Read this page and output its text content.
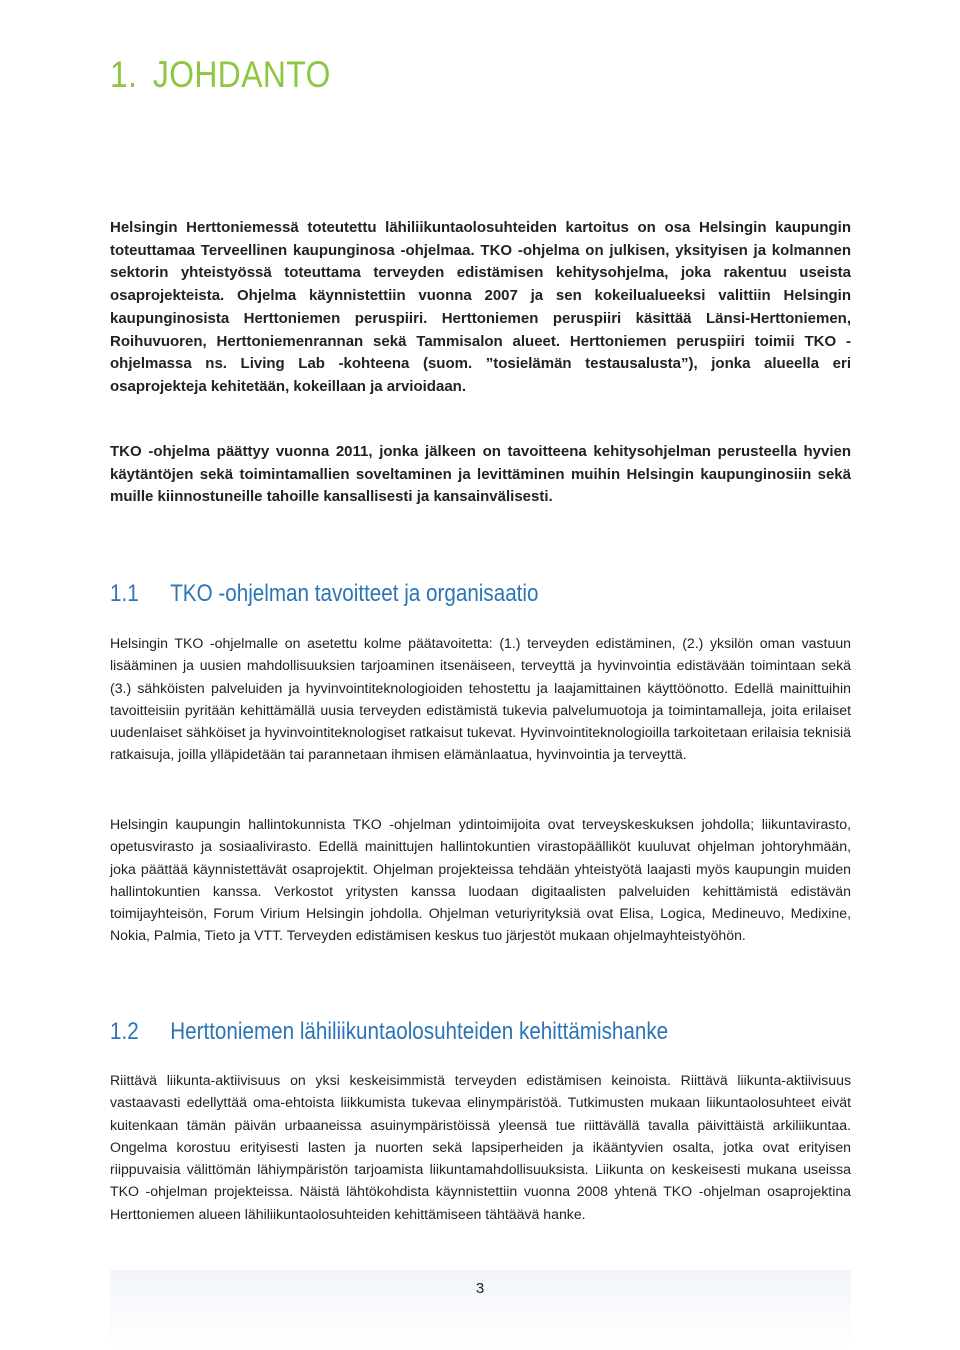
1. JOHDANTO

Helsingin Herttoniemessä toteutettu lähiliikuntaolosuhteiden kartoitus on osa Helsingin kaupungin toteuttamaa Terveellinen kaupunginosa -ohjelmaa. TKO -ohjelma on julkisen, yksityisen ja kolmannen sektorin yhteistyössä toteuttama terveyden edistämisen kehitysohjelma, joka rakentuu useista osaprojekteista. Ohjelma käynnistettiin vuonna 2007 ja sen kokeilualueeksi valittiin Helsingin kaupunginosista Herttoniemen peruspiiri. Herttoniemen peruspiiri käsittää Länsi-Herttoniemen, Roihuvuoren, Herttoniemenrannan sekä Tammisalon alueet. Herttoniemen peruspiiri toimii TKO -ohjelmassa ns. Living Lab -kohteena (suom. ”tosielämän testausalusta”), jonka alueella eri osaprojekteja kehitetään, kokeillaan ja arvioidaan.

TKO -ohjelma päättyy vuonna 2011, jonka jälkeen on tavoitteena kehitysohjelman perusteella hyvien käytäntöjen sekä toimintamallien soveltaminen ja levittäminen muihin Helsingin kaupunginosiin sekä muille kiinnostuneille tahoille kansallisesti ja kansainvälisesti.

1.1 TKO -ohjelman tavoitteet ja organisaatio

Helsingin TKO -ohjelmalle on asetettu kolme päätavoitetta: (1.) terveyden edistäminen, (2.) yksilön oman vastuun lisääminen ja uusien mahdollisuuksien tarjoaminen itsenäiseen, terveyttä ja hyvinvointia edistävään toimintaan sekä (3.) sähköisten palveluiden ja hyvinvointiteknologioiden tehostettu ja laajamittainen käyttöönotto. Edellä mainittuihin tavoitteisiin pyritään kehittämällä uusia terveyden edistämistä tukevia palvelumuotoja ja toimintamalleja, joita erilaiset uudenlaiset sähköiset ja hyvinvointiteknologiset ratkaisut tukevat. Hyvinvointiteknologioilla tarkoitetaan erilaisia teknisiä ratkaisuja, joilla ylläpidetään tai parannetaan ihmisen elämänlaatua, hyvinvointia ja terveyttä.

Helsingin kaupungin hallintokunnista TKO -ohjelman ydintoimijoita ovat terveyskeskuksen johdolla; liikuntavirasto, opetusvirasto ja sosiaalivirasto. Edellä mainittujen hallintokuntien virastopäälliköt kuuluvat ohjelman johtoryhmään, joka päättää käynnistettävät osaprojektit. Ohjelman projekteissa tehdään yhteistyötä laajasti myös kaupungin muiden hallintokuntien kanssa. Verkostot yritysten kanssa luodaan digitaalisten palveluiden kehittämistä edistävän toimijayhteisön, Forum Virium Helsingin johdolla. Ohjelman veturiyrityksiä ovat Elisa, Logica, Medineuvo, Medixine, Nokia, Palmia, Tieto ja VTT. Terveyden edistämisen keskus tuo järjestöt mukaan ohjelmayhteistyöhön.

1.2 Herttoniemen lähiliikuntaolosuhteiden kehittämishanke

Riittävä liikunta-aktiivisuus on yksi keskeisimmistä terveyden edistämisen keinoista. Riittävä liikunta-aktiivisuus vastaavasti edellyttää oma-ehtoista liikkumista tukevaa elinympäristöä. Tutkimusten mukaan liikuntaolosuhteet eivät kuitenkaan tämän päivän urbaaneissa asuinympäristöissä yleensä tue riittävällä tavalla päivittäistä arkiliikuntaa. Ongelma korostuu erityisesti lasten ja nuorten sekä lapsiperheiden ja ikääntyvien osalta, jotka ovat erityisen riippuvaisia välittömän lähiympäristön tarjoamista liikuntamahdollisuuksista. Liikunta on keskeisesti mukana useissa TKO -ohjelman projekteissa. Näistä lähtökohdista käynnistettiin vuonna 2008 yhtenä TKO -ohjelman osaprojektina Herttoniemen alueen lähiliikuntaolosuhteiden kehittämiseen tähtäävä hanke.

3
